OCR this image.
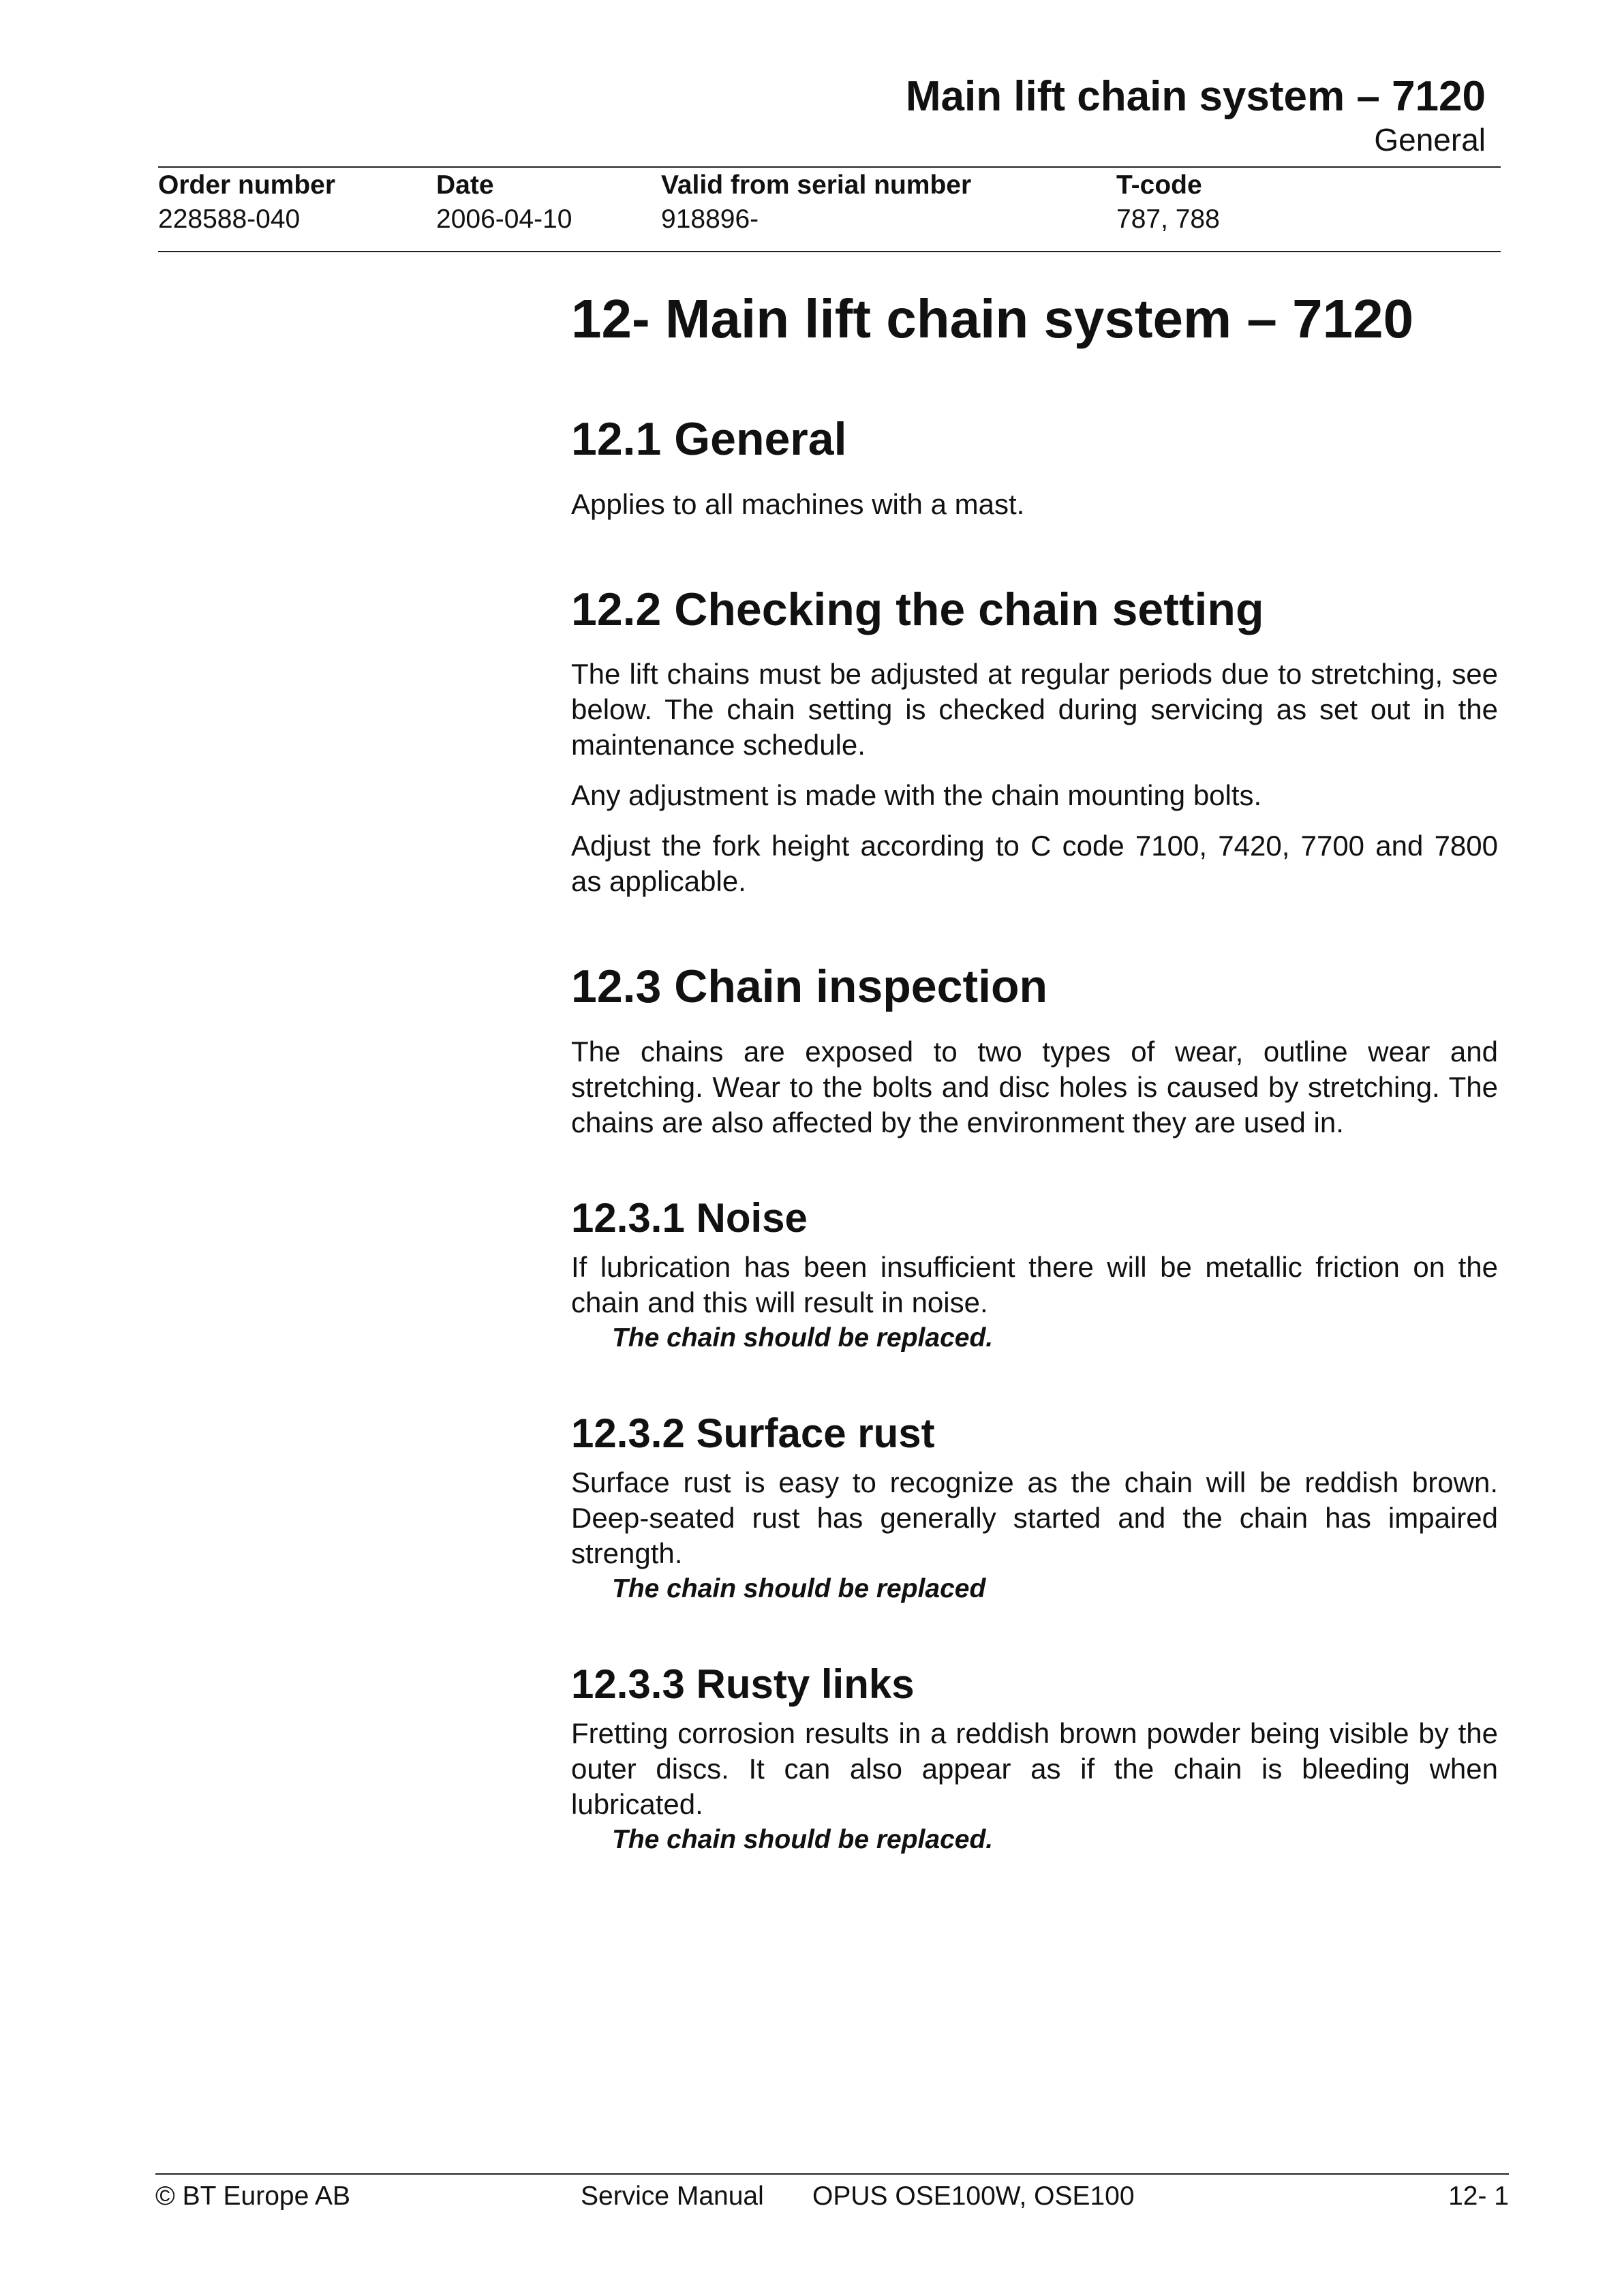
Main lift chain system – 7120
General
Order number	Date	Valid from serial number	T-code
228588-040	2006-04-10	918896-	787, 788
12- Main lift chain system – 7120
12.1 General

Applies to all machines with a mast.

12.2 Checking the chain setting

The lift chains must be adjusted at regular periods due to stretching, see below. The chain setting is checked during servicing as set out in the maintenance schedule.

Any adjustment is made with the chain mounting bolts.

Adjust the fork height according to C code 7100, 7420, 7700 and 7800 as applicable.

12.3 Chain inspection

The chains are exposed to two types of wear, outline wear and stretching. Wear to the bolts and disc holes is caused by stretching. The chains are also affected by the environment they are used in.

12.3.1 Noise

If lubrication has been insufficient there will be metallic friction on the chain and this will result in noise.

The chain should be replaced.

12.3.2 Surface rust

Surface rust is easy to recognize as the chain will be reddish brown. Deep-seated rust has generally started and the chain has impaired strength.

The chain should be replaced

12.3.3 Rusty links

Fretting corrosion results in a reddish brown powder being visible by the outer discs. It can also appear as if the chain is bleeding when lubricated.

The chain should be replaced.

© BT Europe AB	Service Manual OPUS OSE100W, OSE100	12- 1
